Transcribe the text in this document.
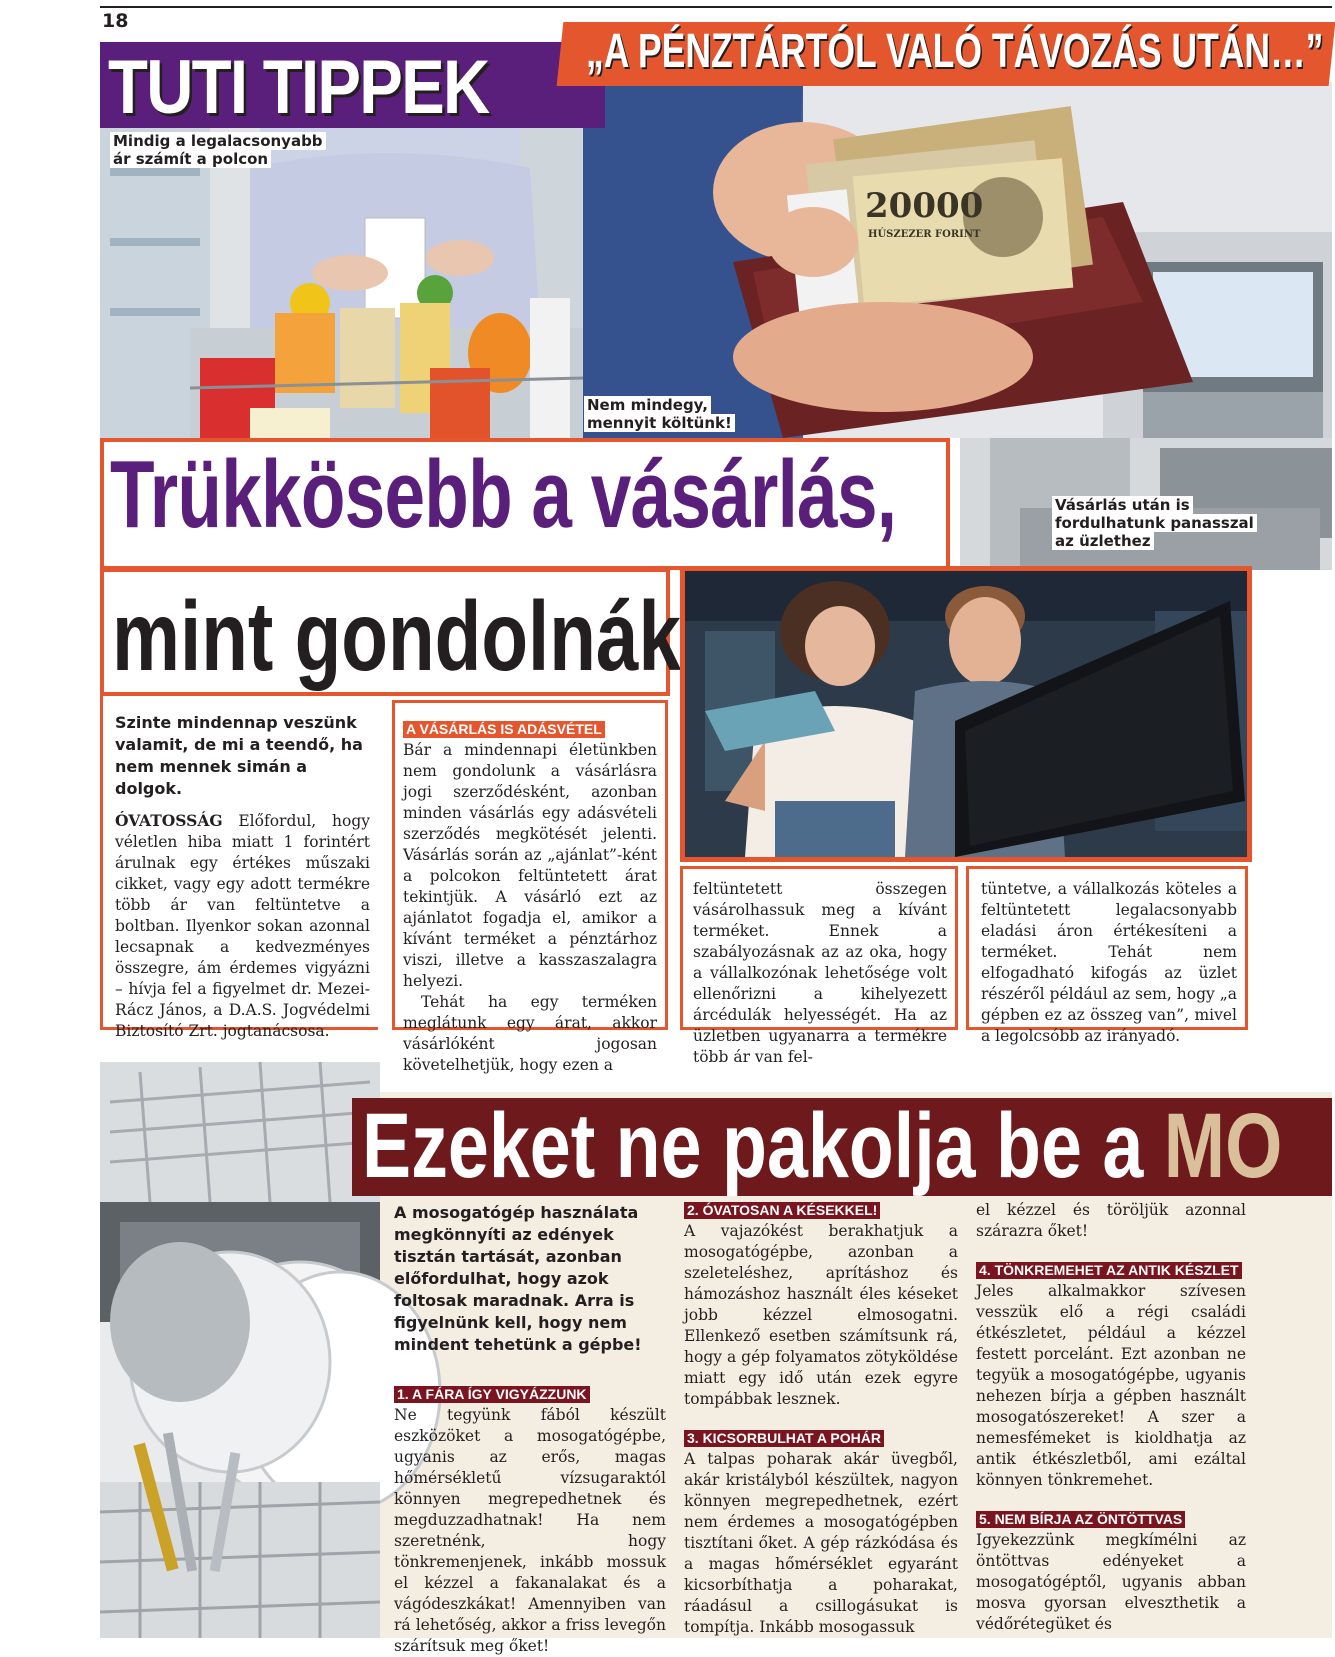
18
Mindig a legalacsonyabb
ár számít a polcon
20000
HÚSZEZER FORINT
Nem mindegy,
mennyit költünk!
Vásárlás után is
fordulhatunk panasszal
az üzlethez
TUTI TIPPEK „A PÉNZTÁRTÓL VALÓ TÁVOZÁS UTÁN…”
Trükkösebb a vásárlás,
mint gondolnák	FOTÓK: SHUTTERSTOCK
Szinte mindennap veszünk valamit, de mi a teendő, ha nem mennek simán a dolgok.

ÓVATOSSÁG Előfordul, hogy véletlen hiba miatt 1 forintért árulnak egy értékes műszaki cikket, vagy egy adott termékre több ár van feltüntetve a boltban. Ilyenkor sokan azonnal lecsapnak a kedvezményes összegre, ám érdemes vigyázni – hívja fel a figyelmet dr. Mezei-Rácz János, a D.A.S. Jogvédelmi Biztosító Zrt. jogtanácsosa.

A VÁSÁRLÁS IS ADÁSVÉTEL

Bár a mindennapi életünkben nem gondolunk a vásárlásra jogi szerződésként, azonban minden vásárlás egy adásvételi szerződés megkötését jelenti. Vásárlás során az „ajánlat”-ként a polcokon feltüntetett árat tekintjük. A vásárló ezt az ajánlatot fogadja el, amikor a kívánt terméket a pénztárhoz viszi, illetve a kasszaszalagra helyezi.

Tehát ha egy terméken meglátunk egy árat, akkor vásárlóként jogosan követelhetjük, hogy ezen a

feltüntetett összegen vásárolhassuk meg a kívánt terméket. Ennek a szabályozásnak az az oka, hogy a vállalkozónak lehetősége volt ellenőrizni a kihelyezett árcédulák helyességét. Ha az üzletben ugyanarra a termékre több ár van fel-

tüntetve, a vállalkozás köteles a feltüntetett legalacsonyabb eladási áron értékesíteni a terméket. Tehát nem elfogadható kifogás az üzlet részéről például az sem, hogy „a gépben ez az összeg van”, mivel a legolcsóbb az irányadó.

Ezeket ne pakolja be a MO
A mosogatógép használata megkönnyíti az edények tisztán tartását, azonban előfordulhat, hogy azok foltosak maradnak. Arra is figyelnünk kell, hogy nem mindent tehetünk a gépbe!
1. A FÁRA ÍGY VIGYÁZZUNK

Ne tegyünk fából készült eszközöket a mosogatógépbe, ugyanis az erős, magas hőmérsékletű vízsugaraktól könnyen megrepedhetnek és megduzzadhatnak! Ha nem szeretnénk, hogy tönkremenjenek, inkább mossuk el kézzel a fakanalakat és a vágódeszkákat! Amennyiben van rá lehetőség, akkor a friss levegőn szárítsuk meg őket!

2. ÓVATOSAN A KÉSEKKEL!

A vajazókést berakhatjuk a mosogatógépbe, azonban a szeleteléshez, aprításhoz és hámozáshoz használt éles késeket jobb kézzel elmosogatni. Ellenkező esetben számítsunk rá, hogy a gép folyamatos zötyköldése miatt egy idő után ezek egyre tompábbak lesznek.

3. KICSORBULHAT A POHÁR

A talpas poharak akár üvegből, akár kristályból készültek, nagyon könnyen megrepedhetnek, ezért nem érdemes a mosogatógépben tisztítani őket. A gép rázkódása és a magas hőmérséklet egyaránt kicsorbíthatja a poharakat, ráadásul a csillogásukat is tompítja. Inkább mosogassuk

el kézzel és töröljük azonnal szárazra őket!

4. TÖNKREMEHET AZ ANTIK KÉSZLET

Jeles alkalmakkor szívesen vesszük elő a régi családi étkészletet, például a kézzel festett porcelánt. Ezt azonban ne tegyük a mosogatógépbe, ugyanis nehezen bírja a gépben használt mosogatószereket! A szer a nemesfémeket is kioldhatja az antik étkészletből, ami ezáltal könnyen tönkremehet.

5. NEM BÍRJA AZ ÖNTÖTTVAS

Igyekezzünk megkímélni az öntöttvas edényeket a mosogatógéptől, ugyanis abban mosva gyorsan elveszthetik a védőrétegüket és
